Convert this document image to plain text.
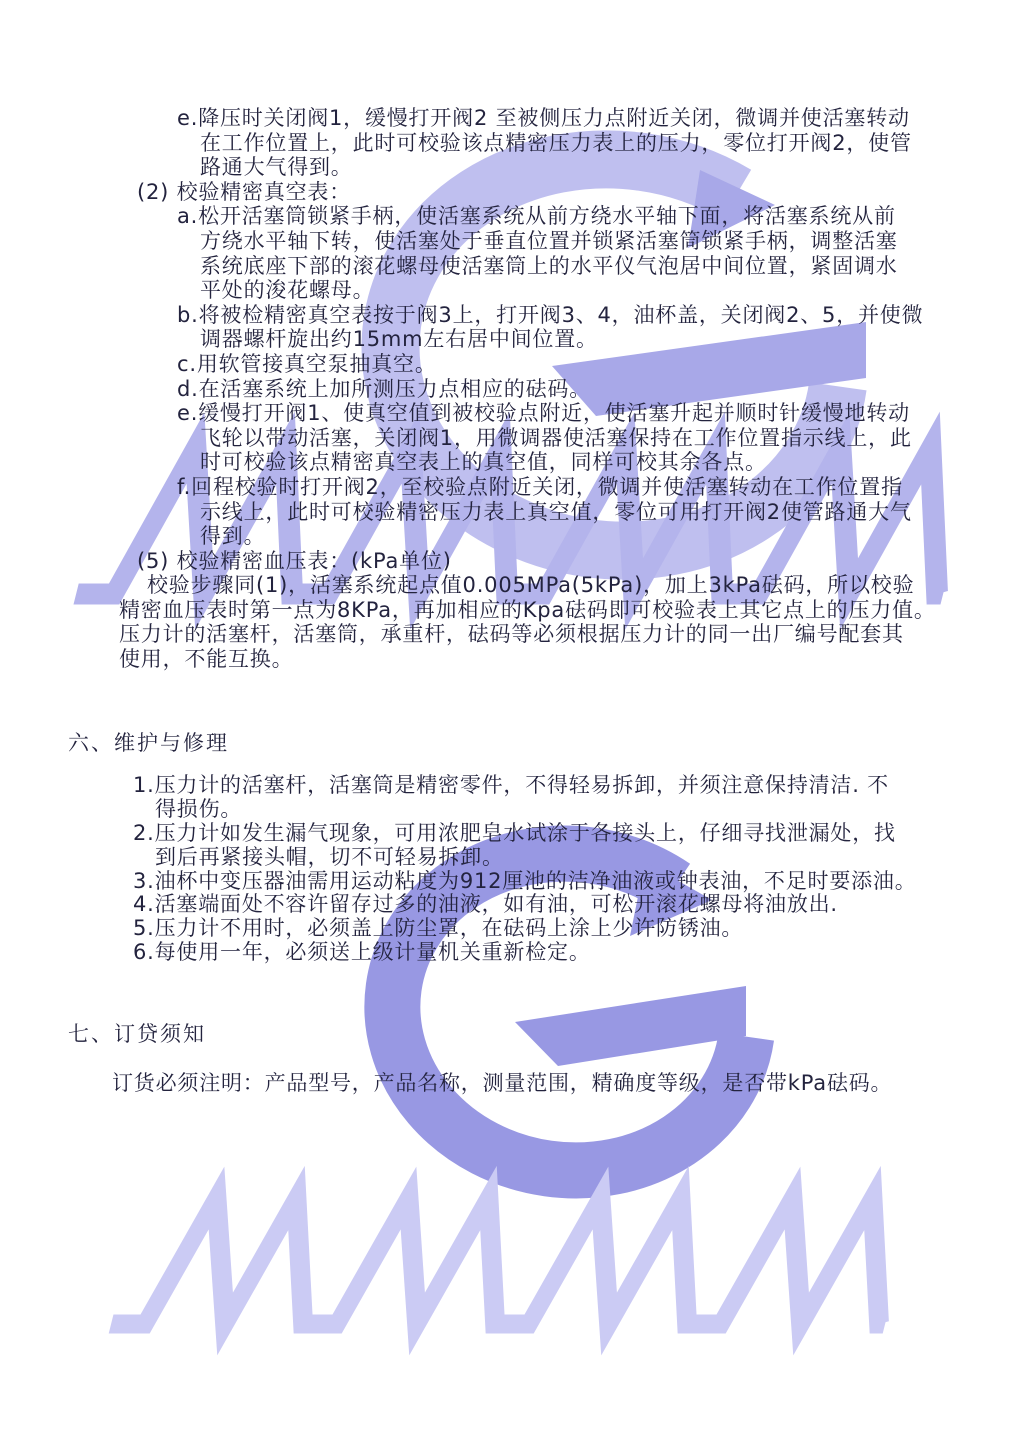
e.降压时关闭阀1，缓慢打开阀2 至被侧压力点附近关闭，微调并使活塞转动
在工作位置上，此时可校验该点精密压力表上的压力，零位打开阀2，使管
路通大气得到。
(2) 校验精密真空表：
a.松开活塞筒锁紧手柄，使活塞系统从前方绕水平轴下面，将活塞系统从前
方绕水平轴下转，使活塞处于垂直位置并锁紧活塞筒锁紧手柄，调整活塞
系统底座下部的滚花螺母使活塞筒上的水平仪气泡居中间位置，紧固调水
平处的浚花螺母。
b.将被检精密真空表按于阀3上，打开阀3、4，油杯盖，关闭阀2、5，并使微
调器螺杆旋出约15mm左右居中间位置。
c.用软管接真空泵抽真空。
d.在活塞系统上加所测压力点相应的砝码。
e.缓慢打开阀1、使真空值到被校验点附近，使活塞升起并顺时针缓慢地转动
飞轮以带动活塞，关闭阀1，用微调器使活塞保持在工作位置指示线上，此
时可校验该点精密真空表上的真空值，同样可校其余各点。
f.回程校验时打开阀2，至校验点附近关闭，微调并使活塞转动在工作位置指
示线上，此时可校验精密压力表上真空值，零位可用打开阀2使管路通大气
得到。
(5) 校验精密血压表：(kPa单位)
校验步骤同(1)，活塞系统起点值0.005MPa(5kPa)，加上3kPa砝码，所以校验
精密血压表时第一点为8KPa，再加相应的Kpa砝码即可校验表上其它点上的压力值。
压力计的活塞杆，活塞筒，承重杆，砝码等必须根据压力计的同一出厂编号配套其
使用，不能互换。
六、维护与修理
1.压力计的活塞杆，活塞筒是精密零件，不得轻易拆卸，并须注意保持清洁. 不
得损伤。
2.压力计如发生漏气现象，可用浓肥皂水试涂于各接头上，仔细寻找泄漏处，找
到后再紧接头帽，切不可轻易拆卸。
3.油杯中变压器油需用运动粘度为912厘池的洁净油液或钟表油，不足时要添油。
4.活塞端面处不容许留存过多的油液，如有油，可松开滚花螺母将油放出.
5.压力计不用时，必须盖上防尘罩，在砝码上涂上少许防锈油。
6.每使用一年，必须送上级计量机关重新检定。
七、订贷须知
订货必须注明：产品型号，产品名称，测量范围，精确度等级，是否带kPa砝码。
